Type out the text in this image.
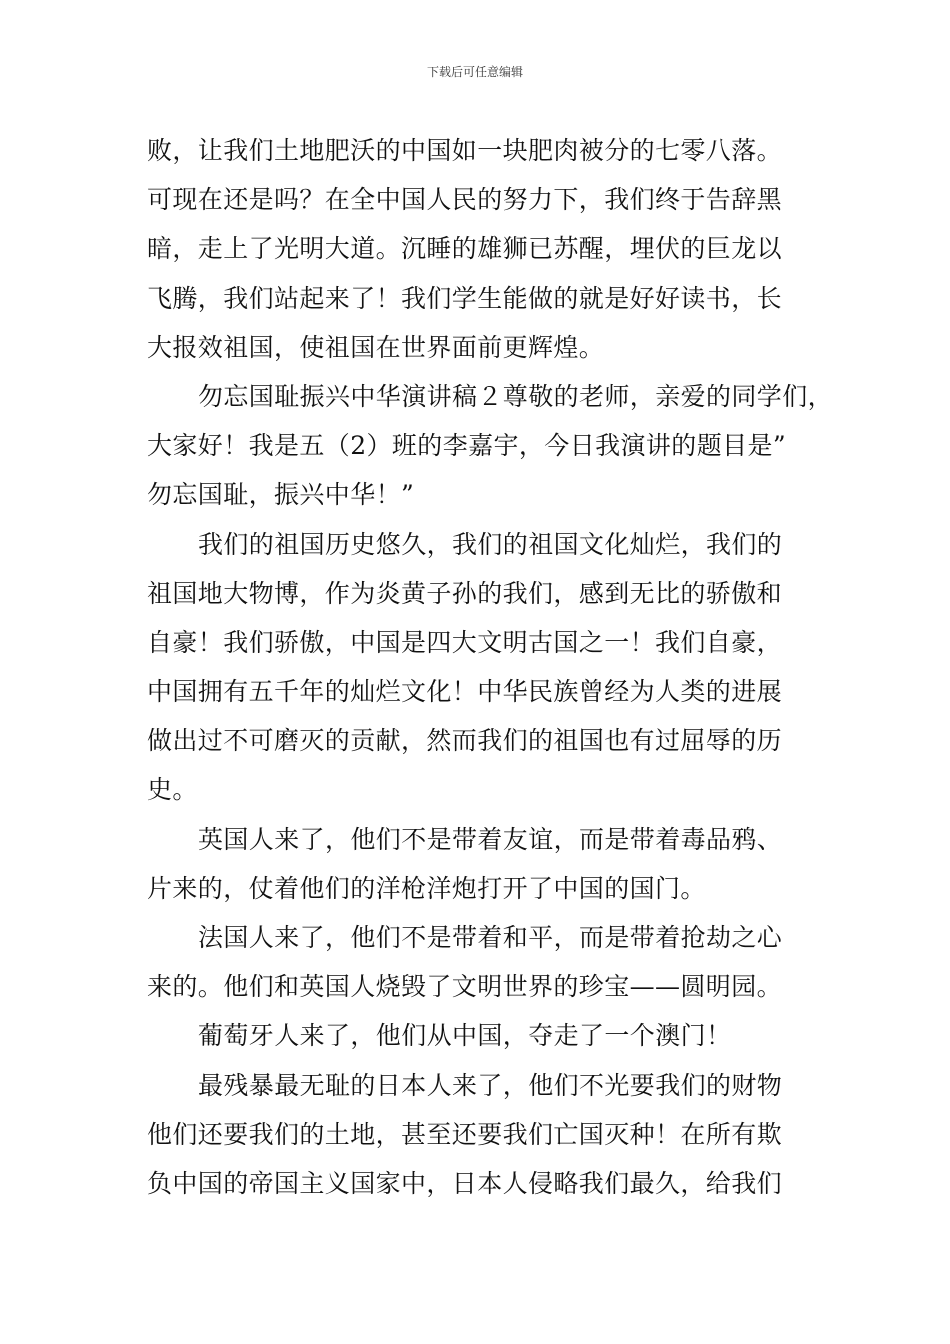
下载后可任意编辑
败，让我们土地肥沃的中国如一块肥肉被分的七零八落。
可现在还是吗？在全中国人民的努力下，我们终于告辞黑
暗，走上了光明大道。沉睡的雄狮已苏醒，埋伏的巨龙以
飞腾，我们站起来了！我们学生能做的就是好好读书，长
大报效祖国，使祖国在世界面前更辉煌。
勿忘国耻振兴中华演讲稿２尊敬的老师，亲爱的同学们，
大家好！我是五（2）班的李嘉宇，今日我演讲的题目是”
勿忘国耻，振兴中华！”
我们的祖国历史悠久，我们的祖国文化灿烂，我们的
祖国地大物博，作为炎黄子孙的我们，感到无比的骄傲和
自豪！我们骄傲，中国是四大文明古国之一！我们自豪，
中国拥有五千年的灿烂文化！中华民族曾经为人类的进展
做出过不可磨灭的贡献，然而我们的祖国也有过屈辱的历
史。
英国人来了，他们不是带着友谊，而是带着毒品鸦、
片来的，仗着他们的洋枪洋炮打开了中国的国门。
法国人来了，他们不是带着和平，而是带着抢劫之心
来的。他们和英国人烧毁了文明世界的珍宝——圆明园。
葡萄牙人来了，他们从中国，夺走了一个澳门！
最残暴最无耻的日本人来了，他们不光要我们的财物
他们还要我们的土地，甚至还要我们亡国灭种！在所有欺
负中国的帝国主义国家中，日本人侵略我们最久，给我们
